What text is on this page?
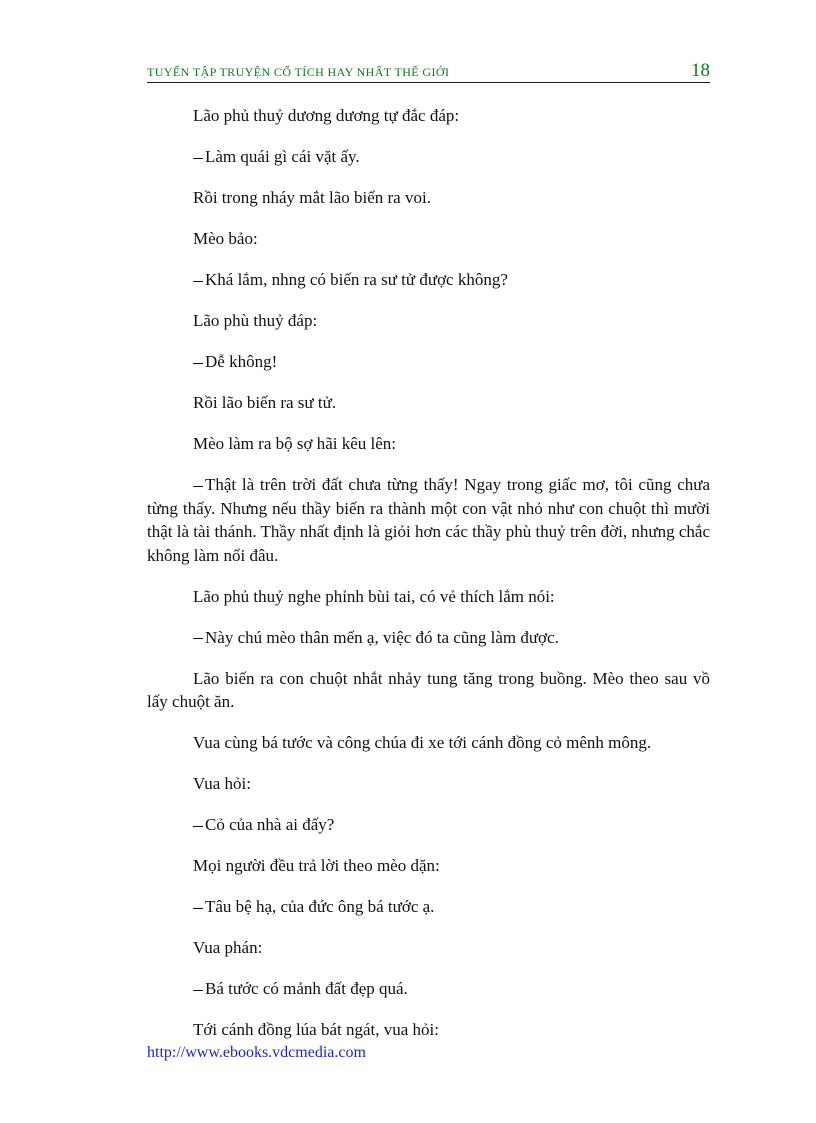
TUYỂN TẬP TRUYỆN CỔ TÍCH HAY NHẤT THẾ GIỚI	18

Lão phủ thuỷ dương dương tự đắc đáp:

Làm quái gì cái vặt ấy.

Rồi trong nháy mắt lão biến ra voi.

Mèo bảo:

Khá lắm, nhng có biến ra sư tử được không?

Lão phù thuỷ đáp:

Dễ không!

Rồi lão biến ra sư tử.

Mèo làm ra bộ sợ hãi kêu lên:

Thật là trên trời đất chưa từng thấy! Ngay trong giấc mơ, tôi cũng chưa từng thấy. Nhưng nếu thầy biến ra thành một con vật nhỏ như con chuột thì mười thật là tài thánh. Thầy nhất định là giỏi hơn các thầy phù thuỷ trên đời, nhưng chắc không làm nổi đâu.

Lão phủ thuỷ nghe phỉnh bùi tai, có vẻ thích lắm nói:

Này chú mèo thân mến ạ, việc đó ta cũng làm được.

Lão biến ra con chuột nhắt nhảy tung tăng trong buồng. Mèo theo sau vồ lấy chuột ăn.

Vua cùng bá tước và công chúa đi xe tới cánh đồng cỏ mênh mông.

Vua hỏi:

Cỏ của nhà ai đấy?

Mọi người đều trả lời theo mèo dặn:

Tâu bệ hạ, của đức ông bá tước ạ.

Vua phán:

Bá tước có mảnh đất đẹp quá.

Tới cánh đồng lúa bát ngát, vua hỏi:

http://www.ebooks.vdcmedia.com
